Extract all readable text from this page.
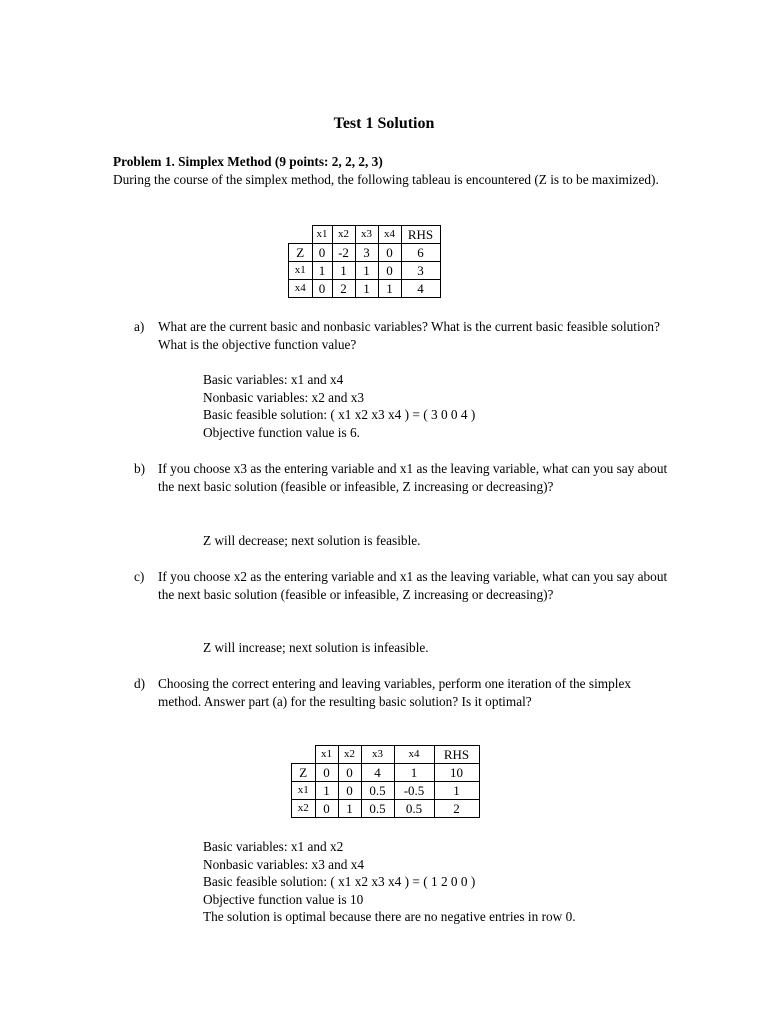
Test 1 Solution
Problem 1. Simplex Method (9 points: 2, 2, 2, 3)
During the course of the simplex method, the following tableau is encountered (Z is to be maximized).
	x1	x2	x3	x4	RHS
Z	0	-2	3	0	6
x1	1	1	1	0	3
x4	0	2	1	1	4
a) What are the current basic and nonbasic variables? What is the current basic feasible solution? What is the objective function value?
Basic variables: x1 and x4
Nonbasic variables: x2 and x3
Basic feasible solution: ( x1 x2 x3 x4 ) = ( 3 0 0 4 )
Objective function value is 6.
b) If you choose x3 as the entering variable and x1 as the leaving variable, what can you say about the next basic solution (feasible or infeasible, Z increasing or decreasing)?
Z will decrease; next solution is feasible.
c) If you choose x2 as the entering variable and x1 as the leaving variable, what can you say about the next basic solution (feasible or infeasible, Z increasing or decreasing)?
Z will increase; next solution is infeasible.
d) Choosing the correct entering and leaving variables, perform one iteration of the simplex method. Answer part (a) for the resulting basic solution? Is it optimal?
	x1	x2	x3	x4	RHS
Z	0	0	4	1	10
x1	1	0	0.5	-0.5	1
x2	0	1	0.5	0.5	2
Basic variables: x1 and x2
Nonbasic variables: x3 and x4
Basic feasible solution: ( x1 x2 x3 x4 ) = ( 1 2 0 0 )
Objective function value is 10
The solution is optimal because there are no negative entries in row 0.
